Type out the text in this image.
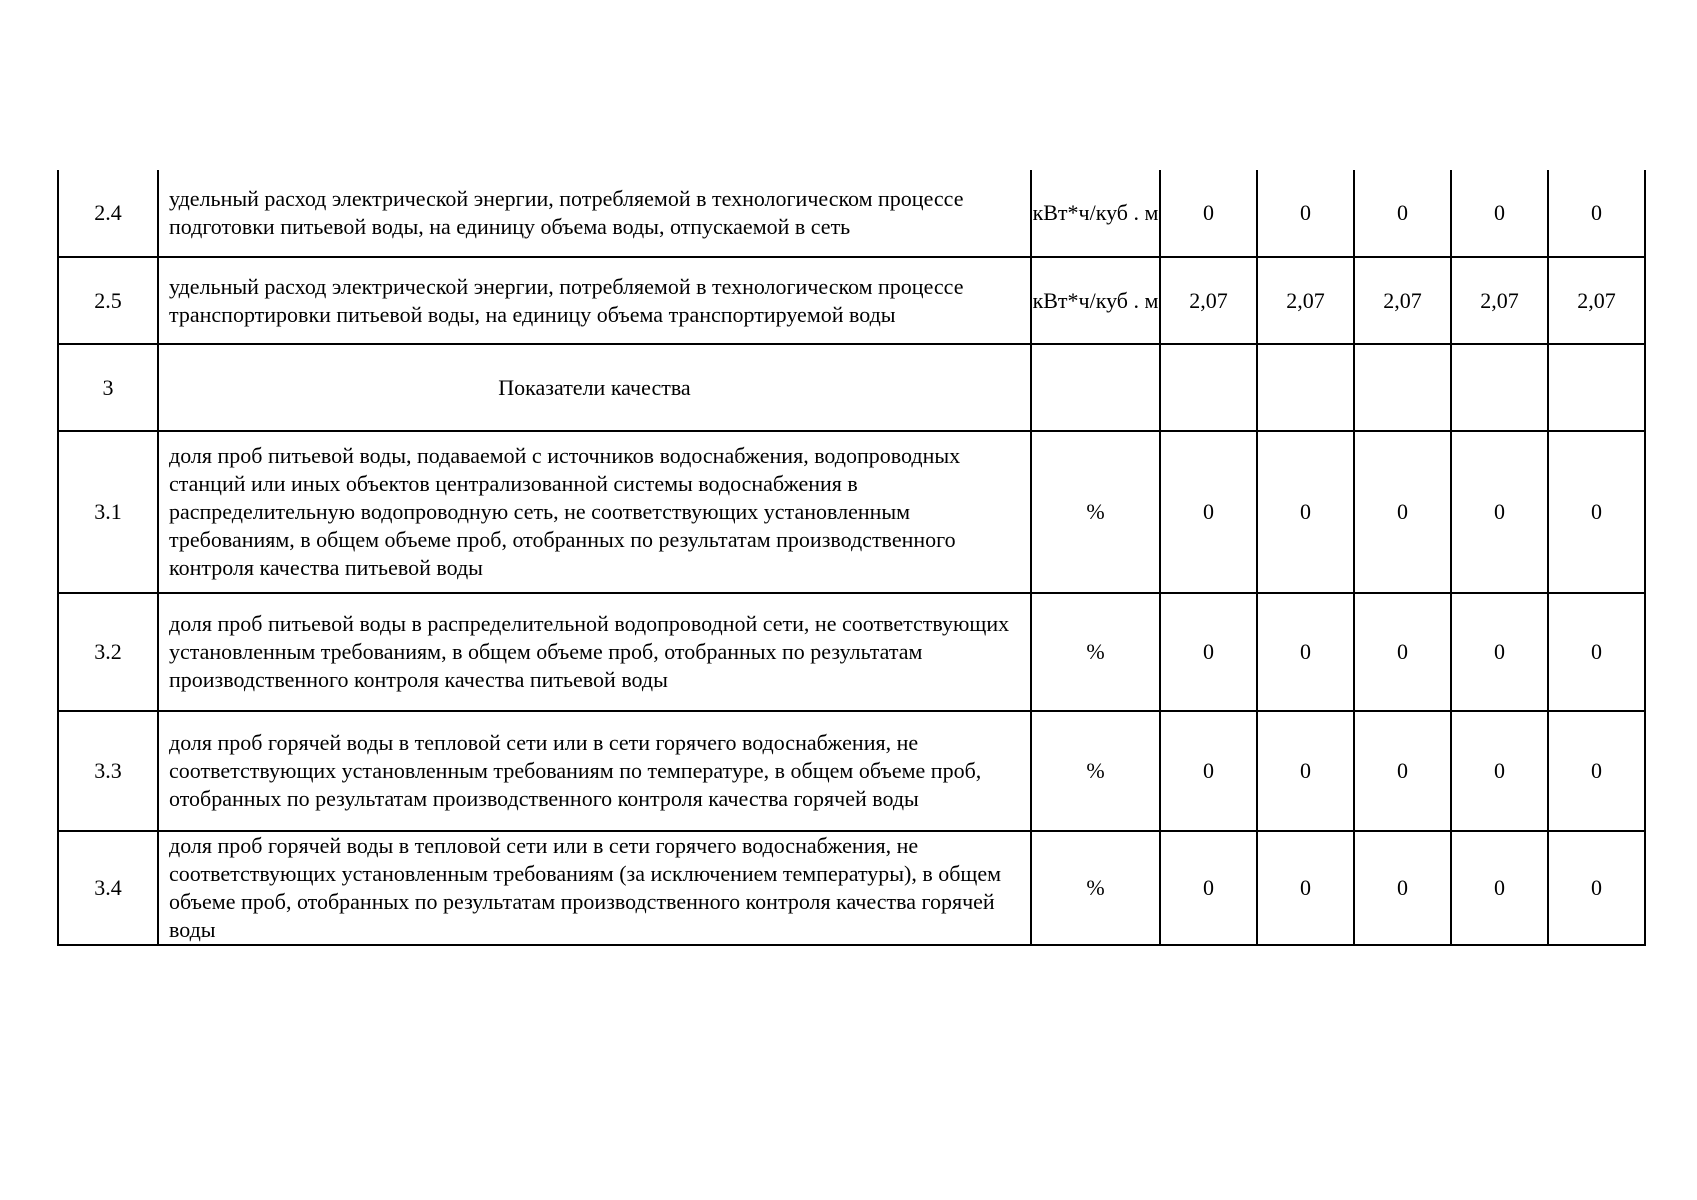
2.4	удельный расход электрической энергии, потребляемой в технологическом процессе подготовки питьевой воды, на единицу объема воды, отпускаемой в сеть	кВт*ч/куб . м	0	0	0	0	0
2.5	удельный расход электрической энергии, потребляемой в технологическом процессе транспортировки питьевой воды, на единицу объема транспортируемой воды	кВт*ч/куб . м	2,07	2,07	2,07	2,07	2,07
3	Показатели качества						
3.1	доля проб питьевой воды, подаваемой с источников водоснабжения, водопроводных станций или иных объектов централизованной системы водоснабжения в распределительную водопроводную сеть, не соответствующих установленным требованиям, в общем объеме проб, отобранных по результатам производственного контроля качества питьевой воды	%	0	0	0	0	0
3.2	доля проб питьевой воды в распределительной водопроводной сети, не соответствующих установленным требованиям, в общем объеме проб, отобранных по результатам производственного контроля качества питьевой воды	%	0	0	0	0	0
3.3	доля проб горячей воды в тепловой сети или в сети горячего водоснабжения, не соответствующих установленным требованиям по температуре, в общем объеме проб, отобранных по результатам производственного контроля качества горячей воды	%	0	0	0	0	0
3.4	доля проб горячей воды в тепловой сети или в сети горячего водоснабжения, не соответствующих установленным требованиям (за исключением температуры), в общем объеме проб, отобранных по результатам производственного контроля качества горячей воды	%	0	0	0	0	0
